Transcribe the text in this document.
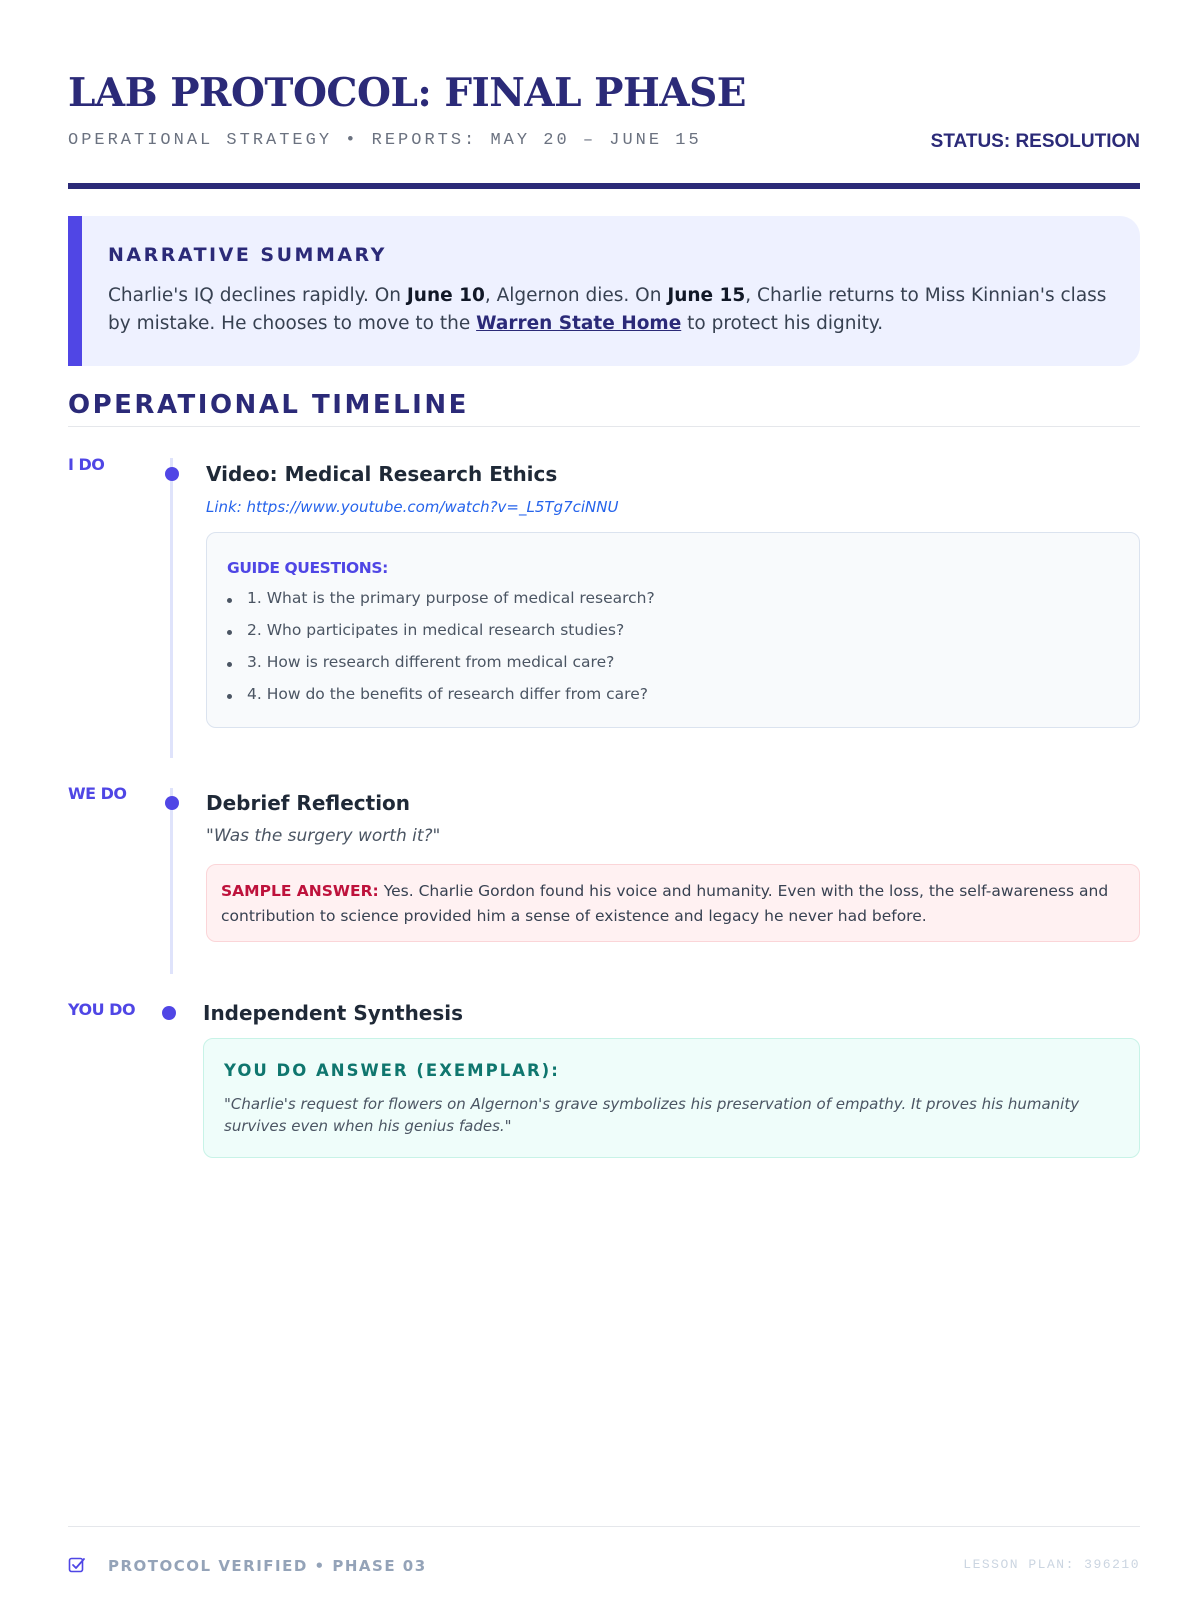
LAB PROTOCOL: FINAL PHASE
OPERATIONAL STRATEGY • REPORTS: MAY 20 – JUNE 15	STATUS: RESOLUTION
NARRATIVE SUMMARY

Charlie's IQ declines rapidly. On June 10, Algernon dies. On June 15, Charlie returns to Miss Kinnian's class by mistake. He chooses to move to the Warren State Home to protect his dignity.

OPERATIONAL TIMELINE
I DO	Video: Medical Research Ethics
Link: https://www.youtube.com/watch?v=_L5Tg7ciNNU
GUIDE QUESTIONS:
1. What is the primary purpose of medical research?
2. Who participates in medical research studies?
3. How is research different from medical care?
4. How do the benefits of research differ from care?
WE DO	Debrief Reflection
"Was the surgery worth it?"
SAMPLE ANSWER: Yes. Charlie Gordon found his voice and humanity. Even with the loss, the self-awareness and contribution to science provided him a sense of existence and legacy he never had before.
YOU DO	Independent Synthesis
YOU DO ANSWER (EXEMPLAR):
"Charlie's request for flowers on Algernon's grave symbolizes his preservation of empathy. It proves his humanity survives even when his genius fades."
PROTOCOL VERIFIED • PHASE 03	LESSON PLAN: 396210
